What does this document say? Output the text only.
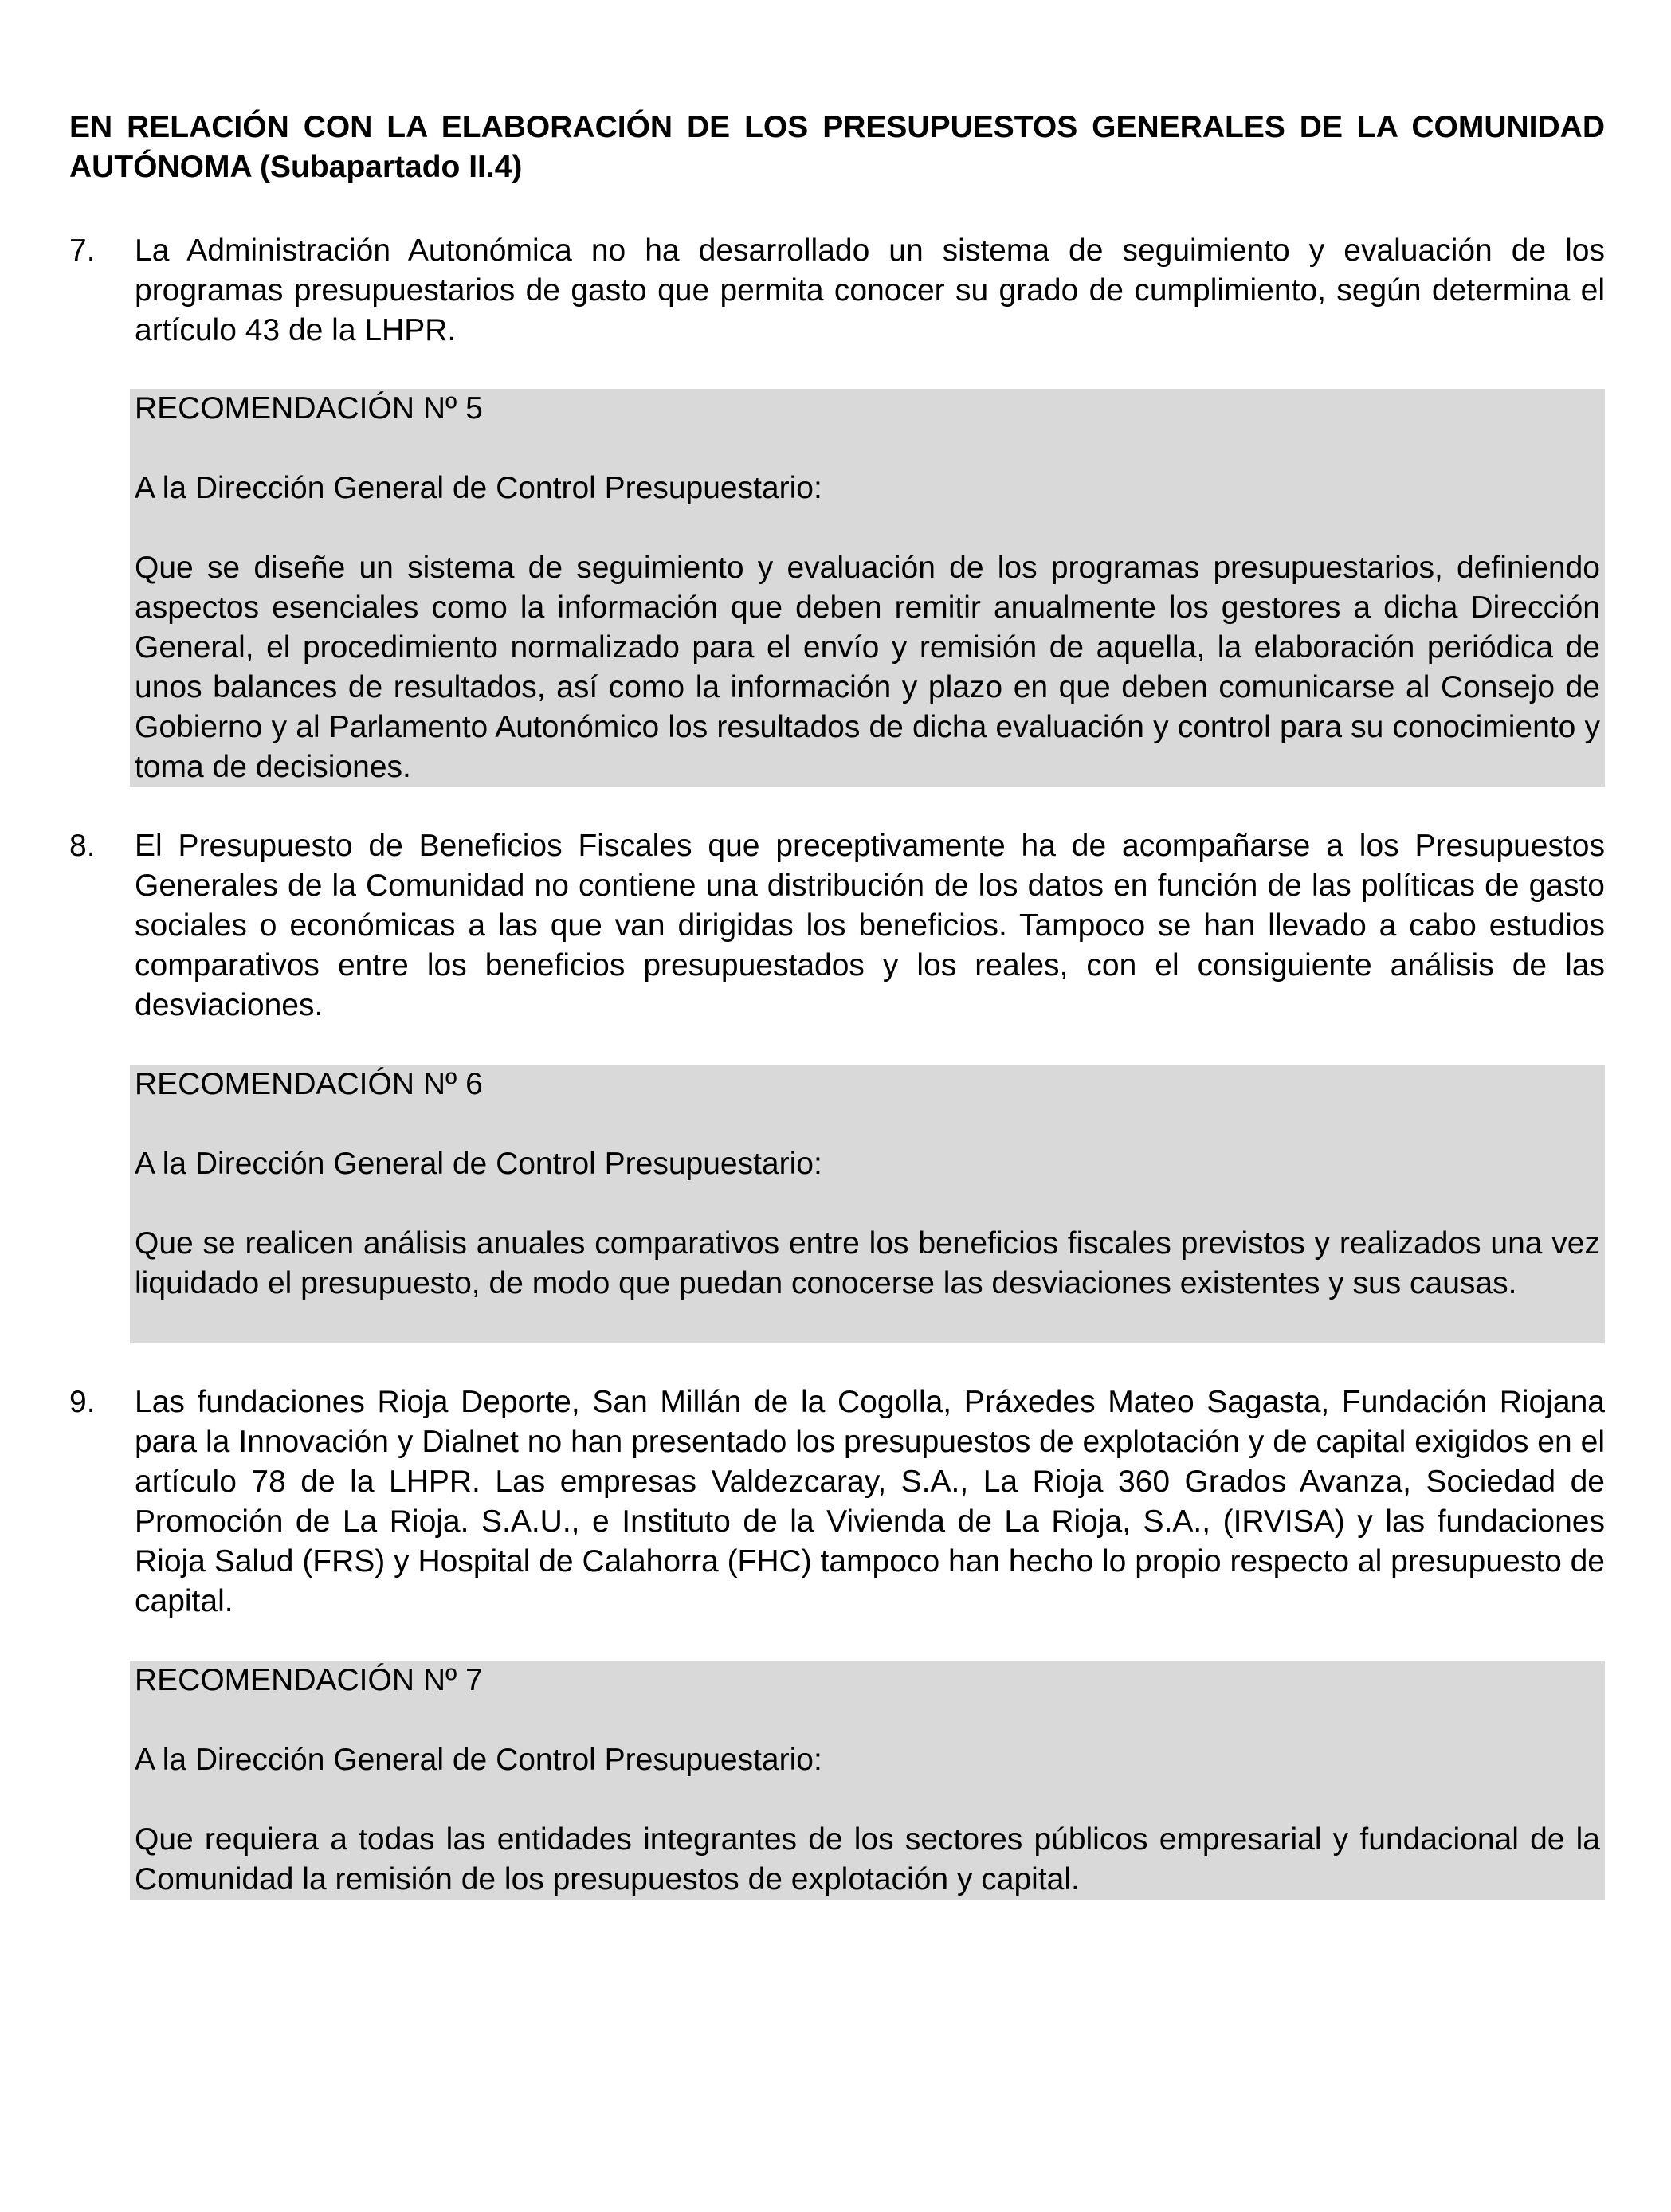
EN RELACIÓN CON LA ELABORACIÓN DE LOS PRESUPUESTOS GENERALES DE LA COMUNIDAD AUTÓNOMA (Subapartado II.4)

7. La Administración Autonómica no ha desarrollado un sistema de seguimiento y evaluación de los programas presupuestarios de gasto que permita conocer su grado de cumplimiento, según determina el artículo 43 de la LHPR.

RECOMENDACIÓN Nº 5

A la Dirección General de Control Presupuestario:

Que se diseñe un sistema de seguimiento y evaluación de los programas presupuestarios, definiendo aspectos esenciales como la información que deben remitir anualmente los gestores a dicha Dirección General, el procedimiento normalizado para el envío y remisión de aquella, la elaboración periódica de unos balances de resultados, así como la información y plazo en que deben comunicarse al Consejo de Gobierno y al Parlamento Autonómico los resultados de dicha evaluación y control para su conocimiento y toma de decisiones.

8. El Presupuesto de Beneficios Fiscales que preceptivamente ha de acompañarse a los Presupuestos Generales de la Comunidad no contiene una distribución de los datos en función de las políticas de gasto sociales o económicas a las que van dirigidas los beneficios. Tampoco se han llevado a cabo estudios comparativos entre los beneficios presupuestados y los reales, con el consiguiente análisis de las desviaciones.

RECOMENDACIÓN Nº 6

A la Dirección General de Control Presupuestario:

Que se realicen análisis anuales comparativos entre los beneficios fiscales previstos y realizados una vez liquidado el presupuesto, de modo que puedan conocerse las desviaciones existentes y sus causas.

9. Las fundaciones Rioja Deporte, San Millán de la Cogolla, Práxedes Mateo Sagasta, Fundación Riojana para la Innovación y Dialnet no han presentado los presupuestos de explotación y de capital exigidos en el artículo 78 de la LHPR. Las empresas Valdezcaray, S.A., La Rioja 360 Grados Avanza, Sociedad de Promoción de La Rioja. S.A.U., e Instituto de la Vivienda de La Rioja, S.A., (IRVISA) y las fundaciones Rioja Salud (FRS) y Hospital de Calahorra (FHC) tampoco han hecho lo propio respecto al presupuesto de capital.

RECOMENDACIÓN Nº 7

A la Dirección General de Control Presupuestario:

Que requiera a todas las entidades integrantes de los sectores públicos empresarial y fundacional de la Comunidad la remisión de los presupuestos de explotación y capital.
